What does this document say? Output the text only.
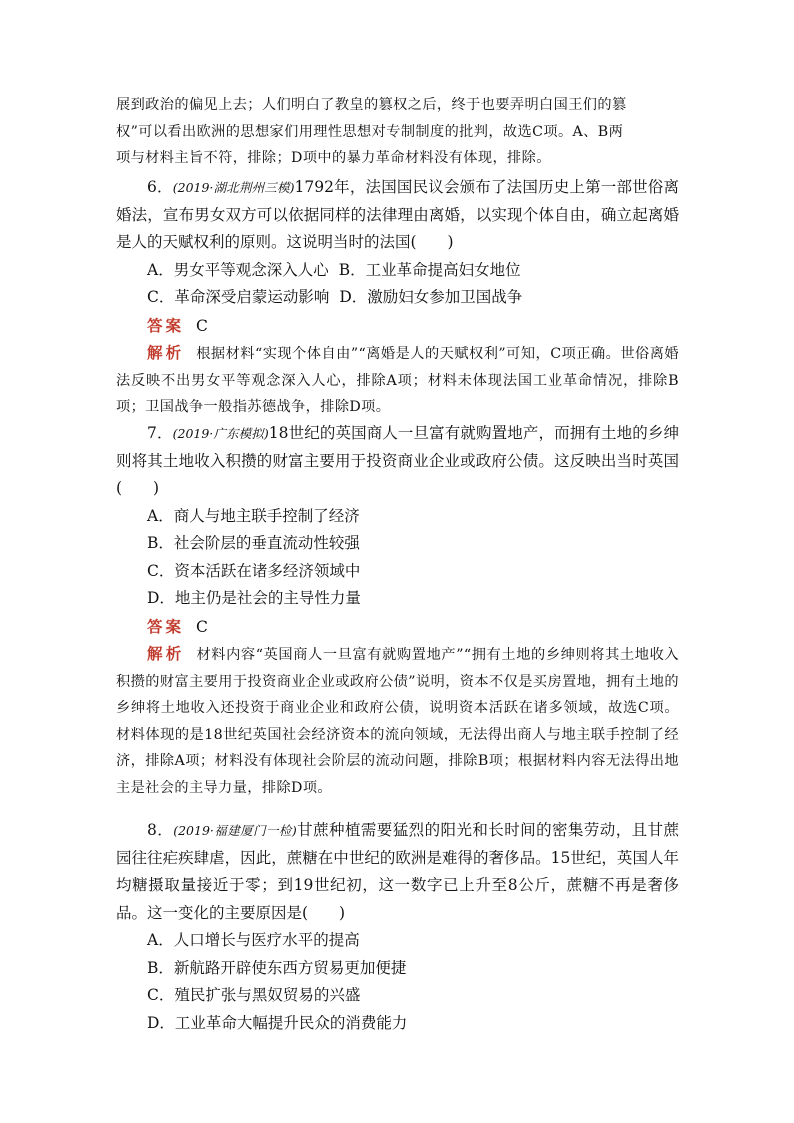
展到政治的偏见上去；人们明白了教皇的篡权之后，终于也要弄明白国王们的篡

权”可以看出欧洲的思想家们用理性思想对专制制度的批判，故选C项。A、B两

项与材料主旨不符，排除；D项中的暴力革命材料没有体现，排除。

6．(2019·湖北荆州三模)1792年，法国国民议会颁布了法国历史上第一部世俗离婚法，宣布男女双方可以依据同样的法律理由离婚，以实现个体自由，确立起离婚是人的天赋权利的原则。这说明当时的法国(　　)

A．男女平等观念深入人心 B．工业革命提高妇女地位

C．革命深受启蒙运动影响 D．激励妇女参加卫国战争

答案 C

解析 根据材料“实现个体自由”“离婚是人的天赋权利”可知，C项正确。世俗离婚法反映不出男女平等观念深入人心，排除A项；材料未体现法国工业革命情况，排除B项；卫国战争一般指苏德战争，排除D项。

7．(2019·广东模拟)18世纪的英国商人一旦富有就购置地产，而拥有土地的乡绅则将其土地收入积攒的财富主要用于投资商业企业或政府公债。这反映出当时英国(　　)

A．商人与地主联手控制了经济

B．社会阶层的垂直流动性较强

C．资本活跃在诸多经济领域中

D．地主仍是社会的主导性力量

答案 C

解析 材料内容“英国商人一旦富有就购置地产”“拥有土地的乡绅则将其土地收入积攒的财富主要用于投资商业企业或政府公债”说明，资本不仅是买房置地，拥有土地的乡绅将土地收入还投资于商业企业和政府公债，说明资本活跃在诸多领域，故选C项。材料体现的是18世纪英国社会经济资本的流向领域，无法得出商人与地主联手控制了经济，排除A项；材料没有体现社会阶层的流动问题，排除B项；根据材料内容无法得出地主是社会的主导力量，排除D项。

8．(2019·福建厦门一检)甘蔗种植需要猛烈的阳光和长时间的密集劳动，且甘蔗园往往疟疾肆虐，因此，蔗糖在中世纪的欧洲是难得的奢侈品。15世纪，英国人年均糖摄取量接近于零；到19世纪初，这一数字已上升至8公斤，蔗糖不再是奢侈品。这一变化的主要原因是(　　)

A．人口增长与医疗水平的提高

B．新航路开辟使东西方贸易更加便捷

C．殖民扩张与黑奴贸易的兴盛

D．工业革命大幅提升民众的消费能力
